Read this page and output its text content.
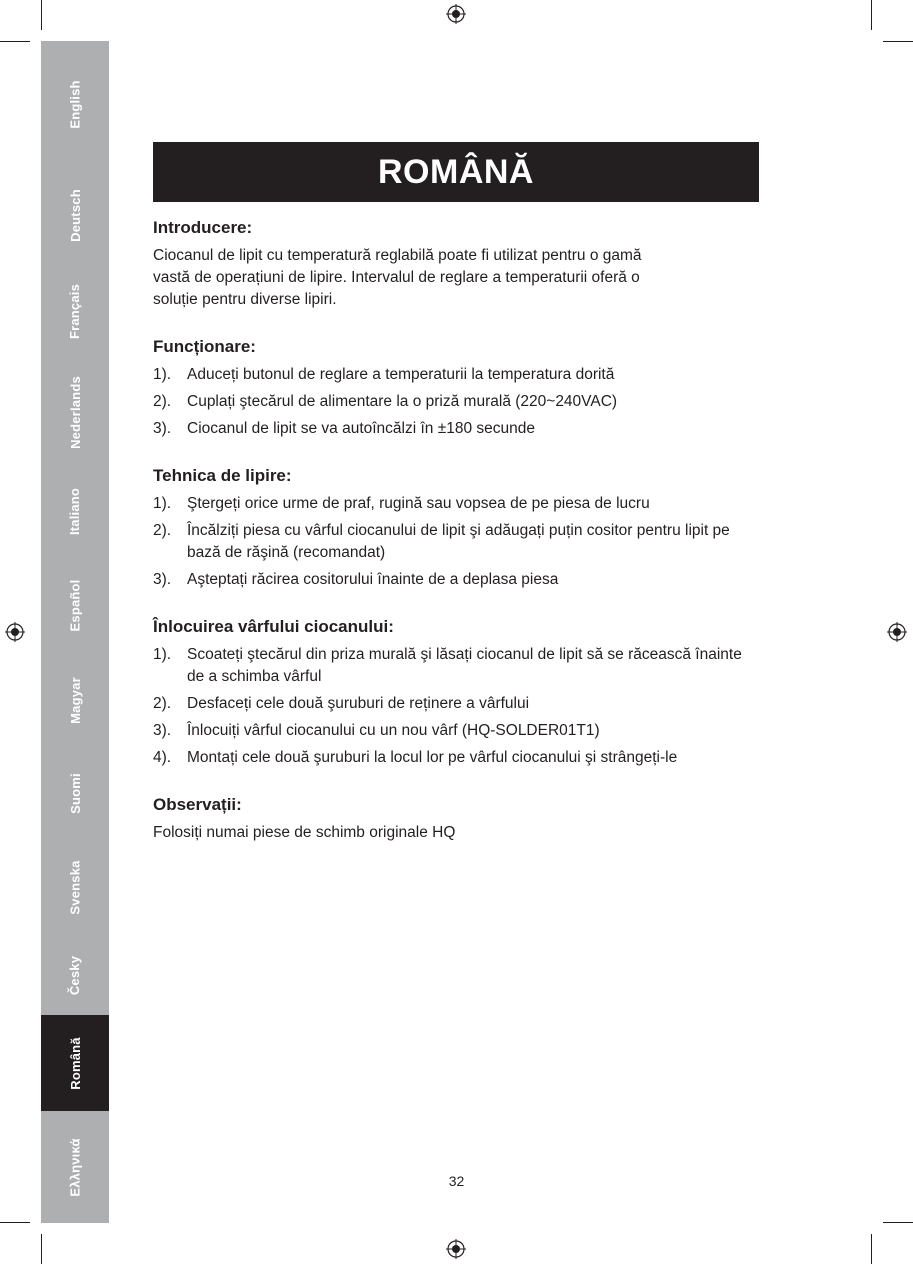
English
Deutsch
Français
Nederlands
Italiano
Español
Magyar
Suomi
Svenska
Česky
Română
Ελληνικά
ROMÂNĂ
Introducere:

Ciocanul de lipit cu temperatură reglabilă poate fi utilizat pentru o gamă
vastă de operațiuni de lipire. Intervalul de reglare a temperaturii oferă o
soluție pentru diverse lipiri.

Funcționare:
1). Aduceți butonul de reglare a temperaturii la temperatura dorită
2). Cuplați ştecărul de alimentare la o priză murală (220~240VAC)
3). Ciocanul de lipit se va autoîncălzi în ±180 secunde
Tehnica de lipire:
1). Ştergeți orice urme de praf, rugină sau vopsea de pe piesa de lucru
2). Încălziți piesa cu vârful ciocanului de lipit şi adăugați puțin cositor pentru lipit pe bază de răşină (recomandat)
3). Aşteptați răcirea cositorului înainte de a deplasa piesa
Înlocuirea vârfului ciocanului:
1). Scoateți ştecărul din priza murală şi lăsați ciocanul de lipit să se răcească înainte de a schimba vârful
2). Desfaceți cele două şuruburi de reținere a vârfului
3). Înlocuiți vârful ciocanului cu un nou vârf (HQ-SOLDER01T1)
4). Montați cele două şuruburi la locul lor pe vârful ciocanului şi strângeți-le
Observații:

Folosiți numai piese de schimb originale HQ

32
